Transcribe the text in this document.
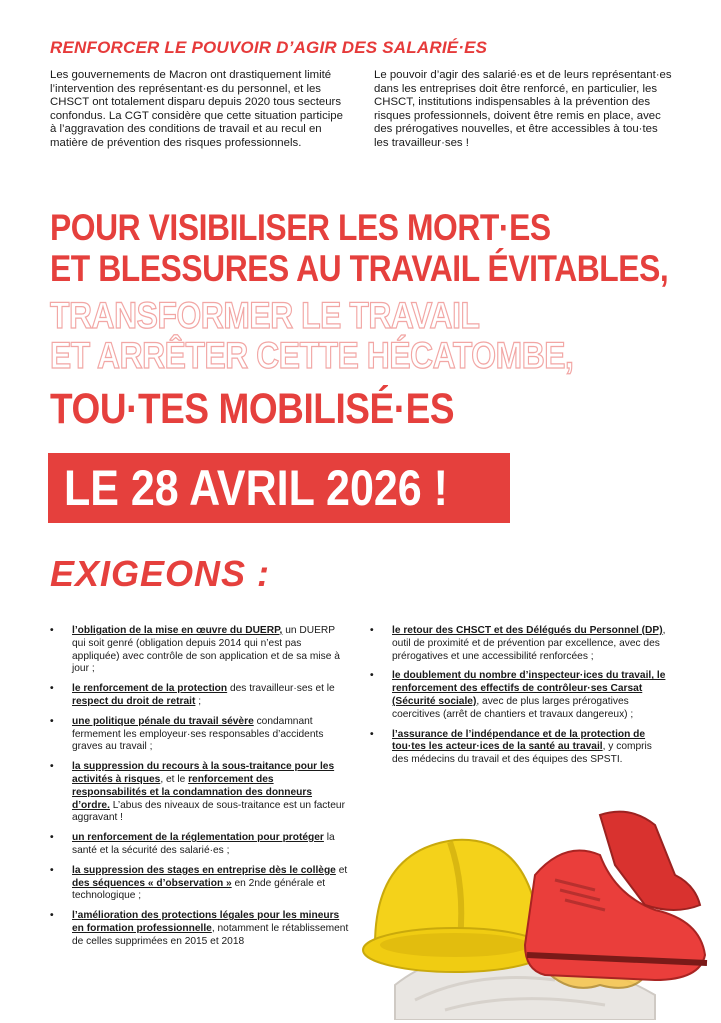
RENFORCER LE POUVOIR D’AGIR DES SALARIÉ·ES
Les gouvernements de Macron ont drastiquement limité l’intervention des représentant·es du personnel, et les CHSCT ont totalement disparu depuis 2020 tous secteurs confondus. La CGT considère que cette situation participe à l’aggravation des conditions de travail et au recul en matière de prévention des risques professionnels.
Le pouvoir d’agir des salarié·es et de leurs représentant·es dans les entreprises doit être renforcé, en particulier, les CHSCT, institutions indispensables à la prévention des risques professionnels, doivent être remis en place, avec des prérogatives nouvelles, et être accessibles à tou·tes les travailleur·ses !
POUR VISIBILISER LES MORT·ES
ET BLESSURES AU TRAVAIL ÉVITABLES,
TRANSFORMER LE TRAVAIL
ET ARRÊTER CETTE HÉCATOMBE,
TOU·TES MOBILISÉ·ES
LE 28 AVRIL 2026 !
EXIGEONS :
• l’obligation de la mise en œuvre du DUERP, un DUERP qui soit genré (obligation depuis 2014 qui n’est pas appliquée) avec contrôle de son application et de sa mise à jour ;
• le renforcement de la protection des travailleur·ses et le respect du droit de retrait ;
• une politique pénale du travail sévère condamnant fermement les employeur·ses responsables d’accidents graves au travail ;
• la suppression du recours à la sous-traitance pour les activités à risques, et le renforcement des responsabilités et la condamnation des donneurs d’ordre. L’abus des niveaux de sous-traitance est un facteur aggravant !
• un renforcement de la réglementation pour protéger la santé et la sécurité des salarié·es ;
• la suppression des stages en entreprise dès le collège et des séquences « d’observation » en 2nde générale et technologique ;
• l’amélioration des protections légales pour les mineurs en formation professionnelle, notamment le rétablissement de celles supprimées en 2015 et 2018
• le retour des CHSCT et des Délégués du Personnel (DP), outil de proximité et de prévention par excellence, avec des prérogatives et une accessibilité renforcées ;
• le doublement du nombre d’inspecteur·ices du travail, le renforcement des effectifs de contrôleur·ses Carsat (Sécurité sociale), avec de plus larges prérogatives coercitives (arrêt de chantiers et travaux dangereux) ;
• l’assurance de l’indépendance et de la protection de tou·tes les acteur·ices de la santé au travail, y compris des médecins du travail et des équipes des SPSTI.
